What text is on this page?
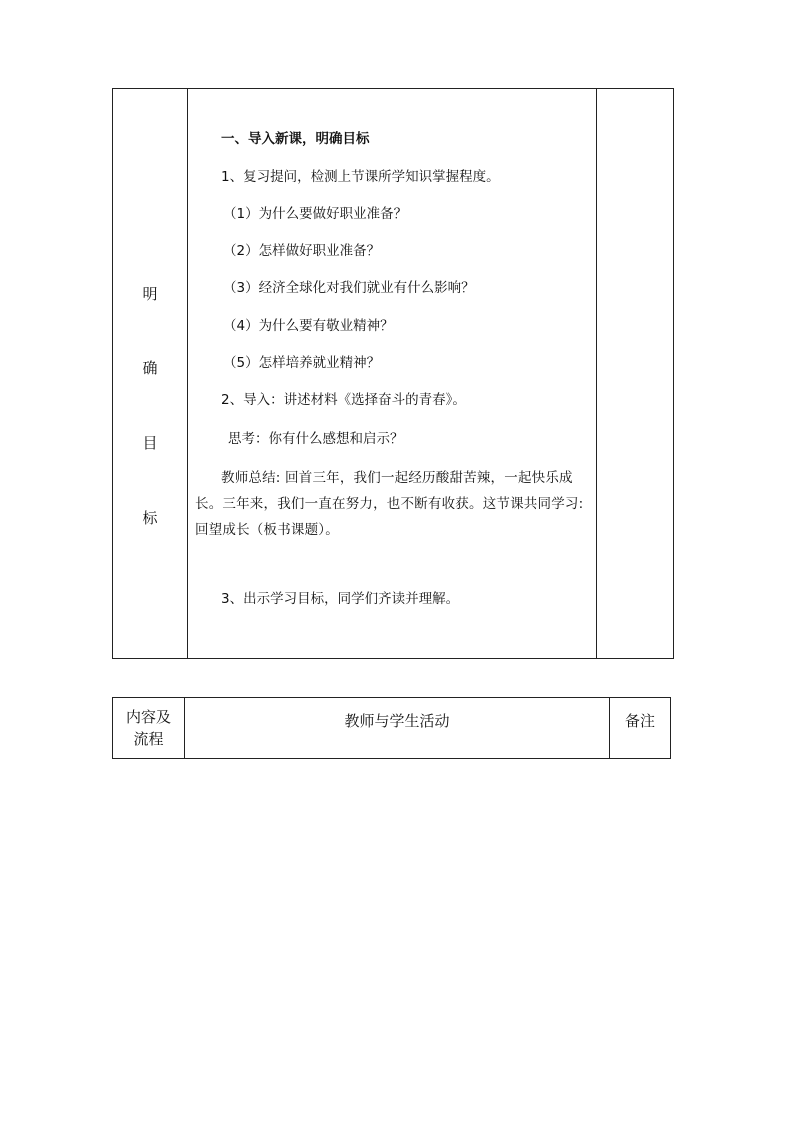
明
确
目
标
一、导入新课，明确目标
1、复习提问，检测上节课所学知识掌握程度。
（1）为什么要做好职业准备？
（2）怎样做好职业准备？
（3）经济全球化对我们就业有什么影响？
（4）为什么要有敬业精神？
（5）怎样培养就业精神？
2、导入：讲述材料《选择奋斗的青春》。
思考：你有什么感想和启示？
教师总结: 回首三年，我们一起经历酸甜苦辣，一起快乐成长。三年来，我们一直在努力，也不断有收获。这节课共同学习:回望成长（板书课题）。
3、出示学习目标，同学们齐读并理解。
内容及
流程
教师与学生活动	备注
